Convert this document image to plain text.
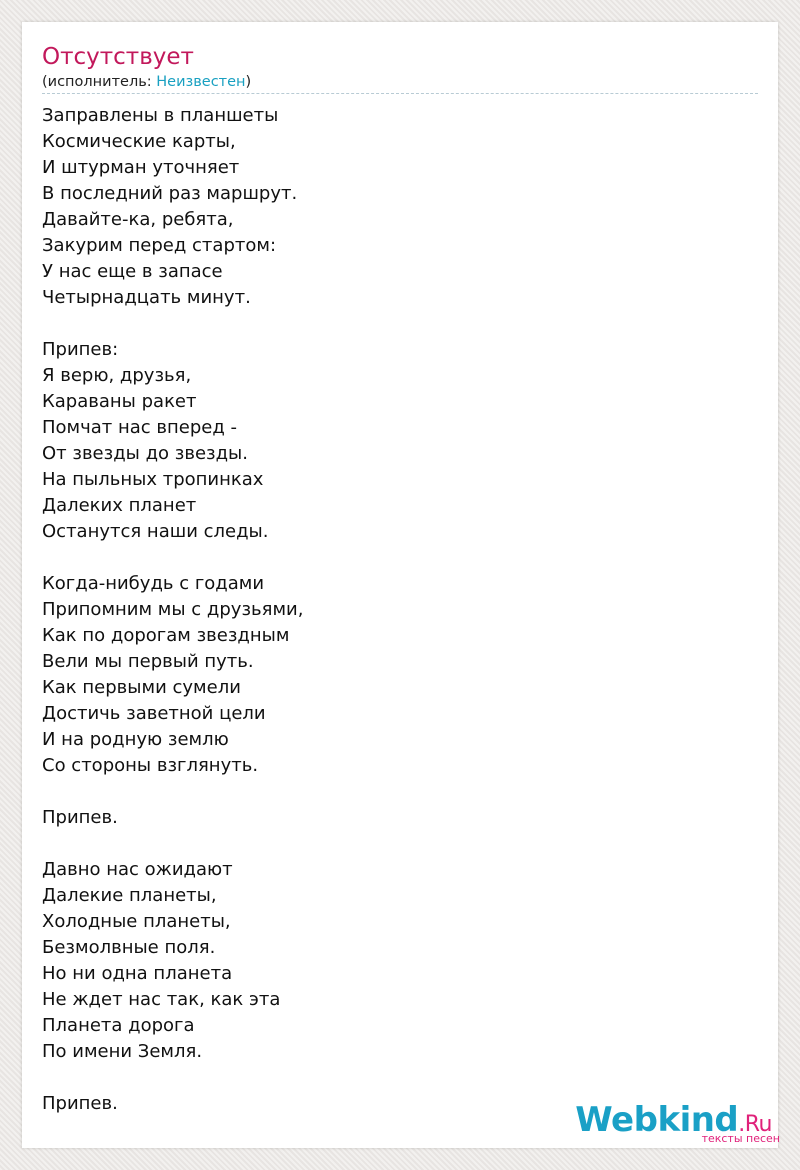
Отсутствует
(исполнитель: Неизвестен)
Заправлены в планшеты
Космические карты,
И штурман уточняет
В последний раз маршрут.
Давайте-ка, ребята,
Закурим перед стартом:
У нас еще в запасе
Четырнадцать минут.
Припев:
Я верю, друзья,
Караваны ракет
Помчат нас вперед -
От звезды до звезды.
На пыльных тропинках
Далеких планет
Останутся наши следы.
Когда-нибудь с годами
Припомним мы с друзьями,
Как по дорогам звездным
Вели мы первый путь.
Как первыми сумели
Достичь заветной цели
И на родную землю
Со стороны взглянуть.
Припев.
Давно нас ожидают
Далекие планеты,
Холодные планеты,
Безмолвные поля.
Но ни одна планета
Не ждет нас так, как эта
Планета дорога
По имени Земля.
Припев.	Webkind.Ru
тексты песен
